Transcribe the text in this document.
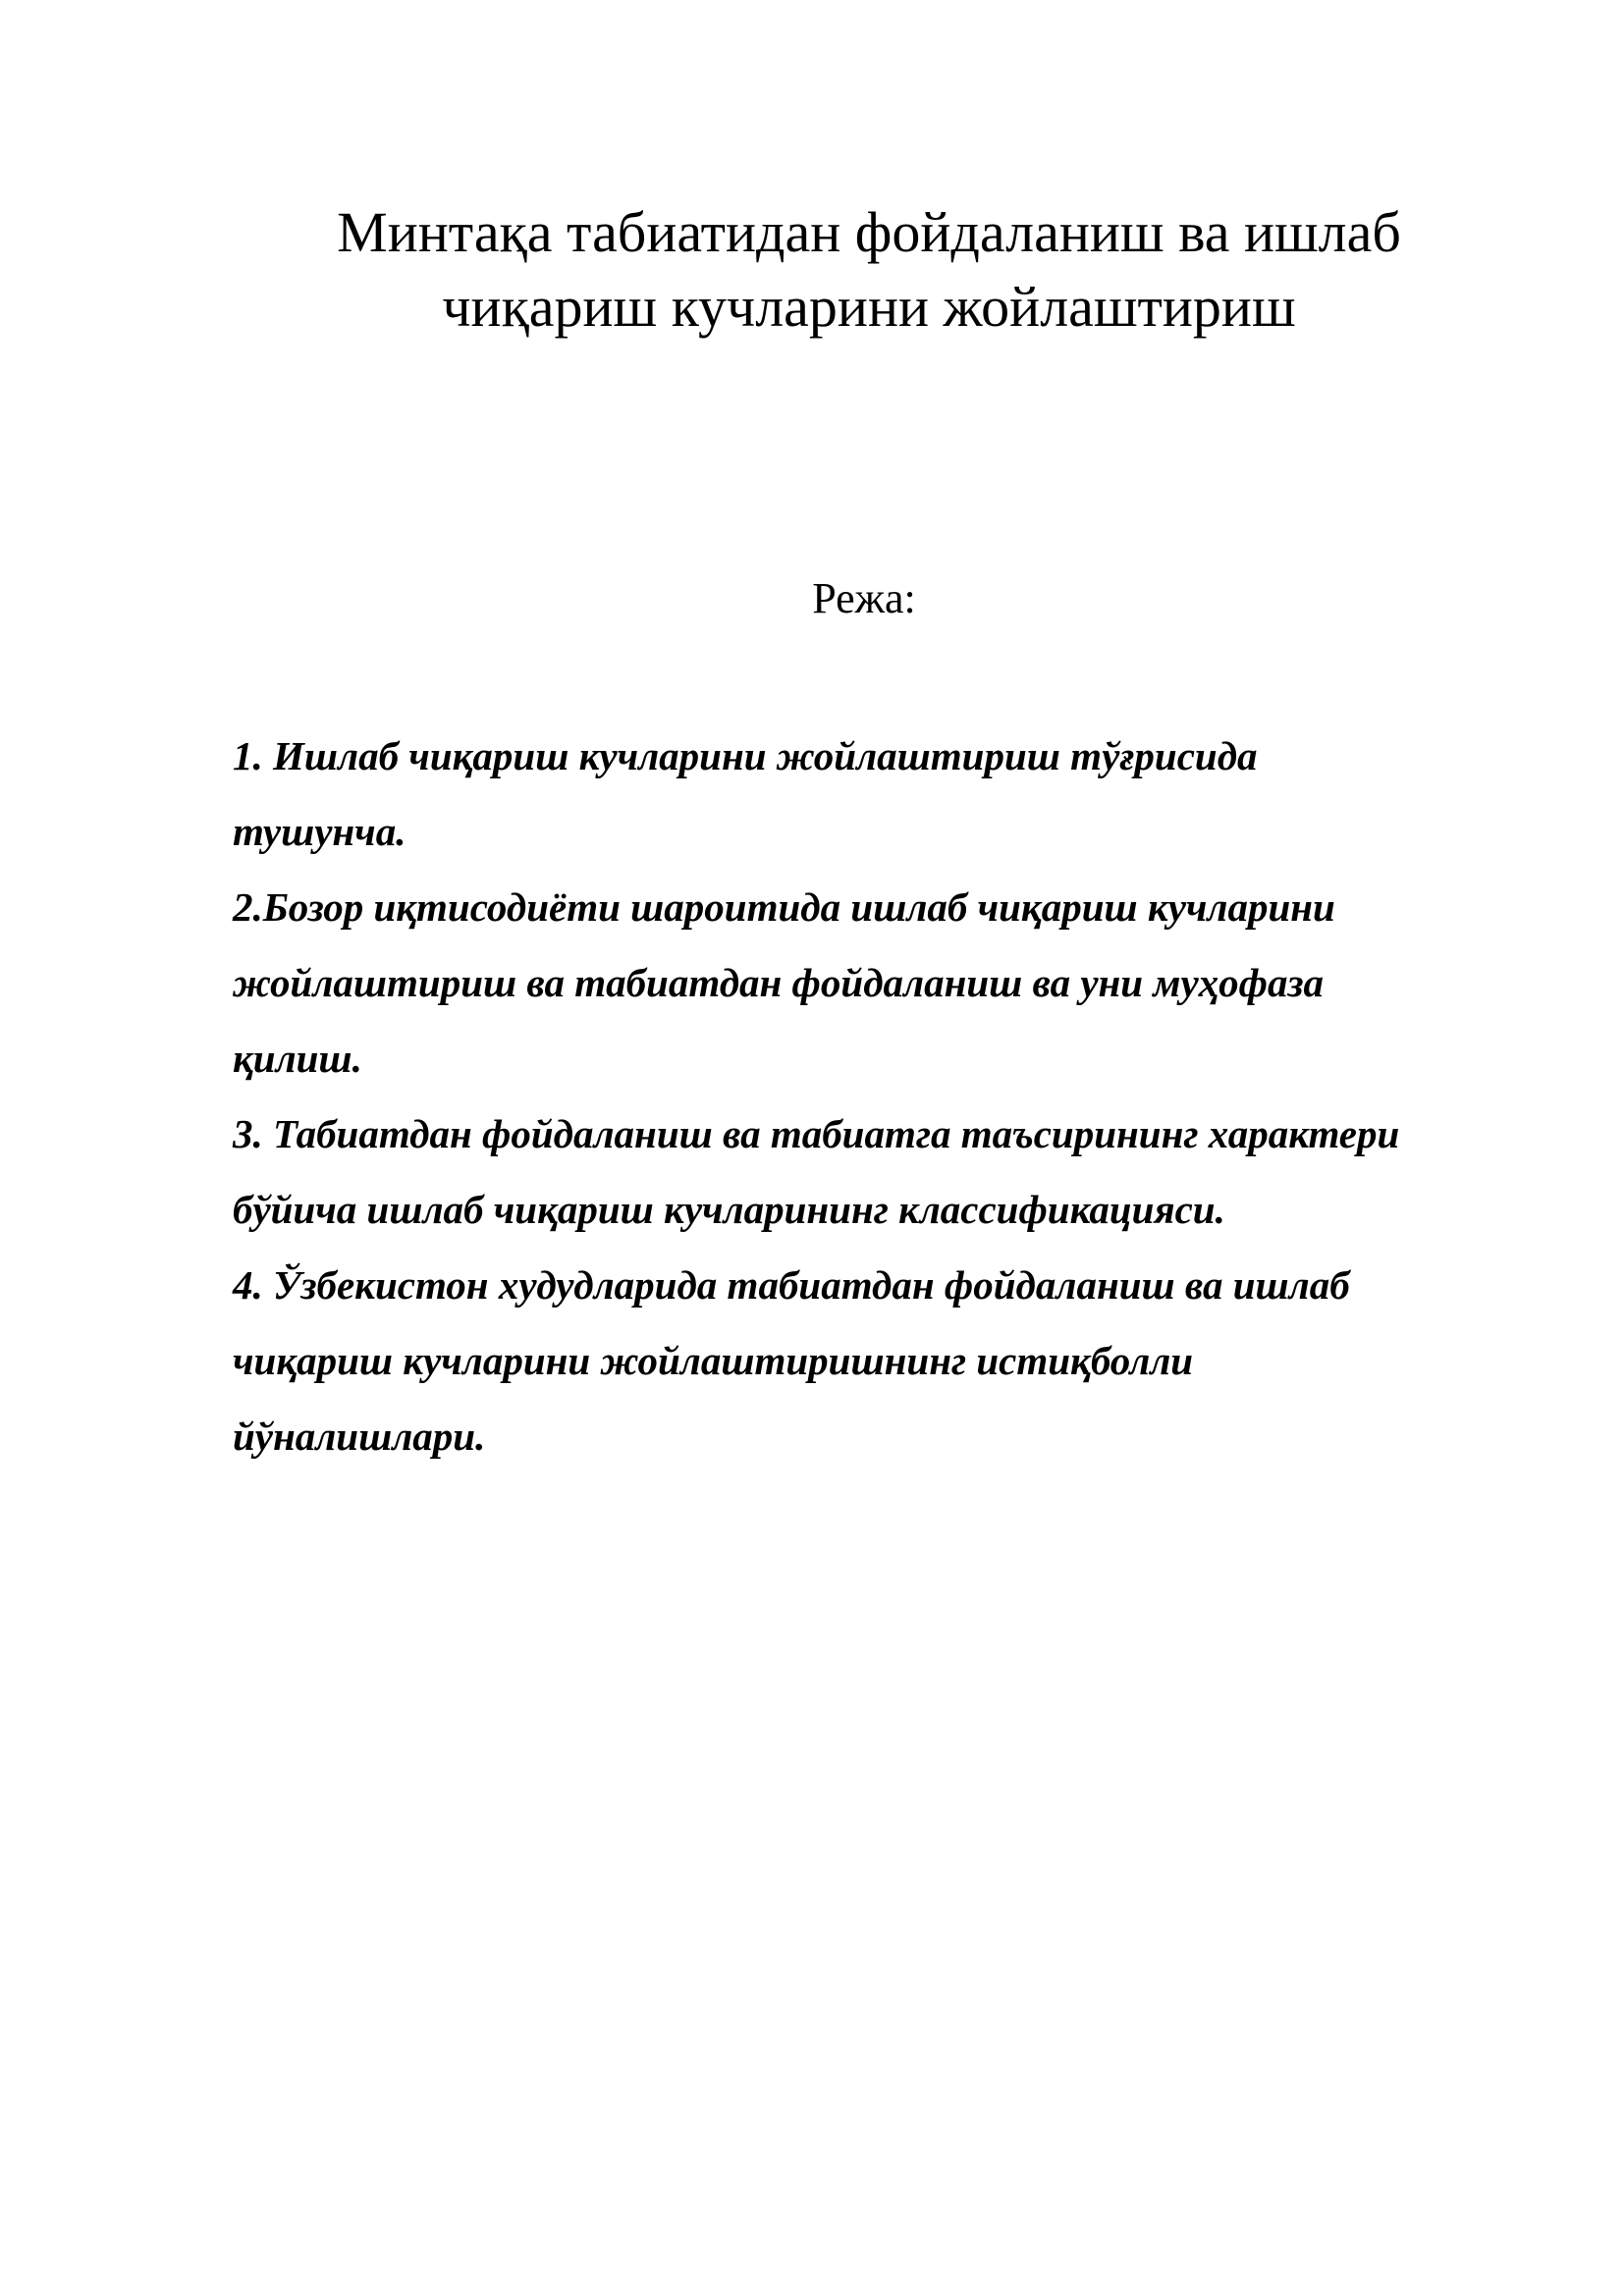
Минтақа табиатидан фойдаланиш ва ишлаб
чиқариш кучларини жойлаштириш
Режа:
1. Ишлаб чиқариш кучларини жойлаштириш тўғрисида
тушунча.
2.Бозор иқтисодиёти шароитида ишлаб чиқариш кучларини
жойлаштириш ва табиатдан фойдаланиш ва уни муҳофаза
қилиш.
3. Табиатдан фойдаланиш ва табиатга таъсирининг характери
бўйича ишлаб чиқариш кучларининг классификацияси.
4. Ўзбекистон худудларида табиатдан фойдаланиш ва ишлаб
чиқариш кучларини жойлаштиришнинг истиқболли
йўналишлари.
